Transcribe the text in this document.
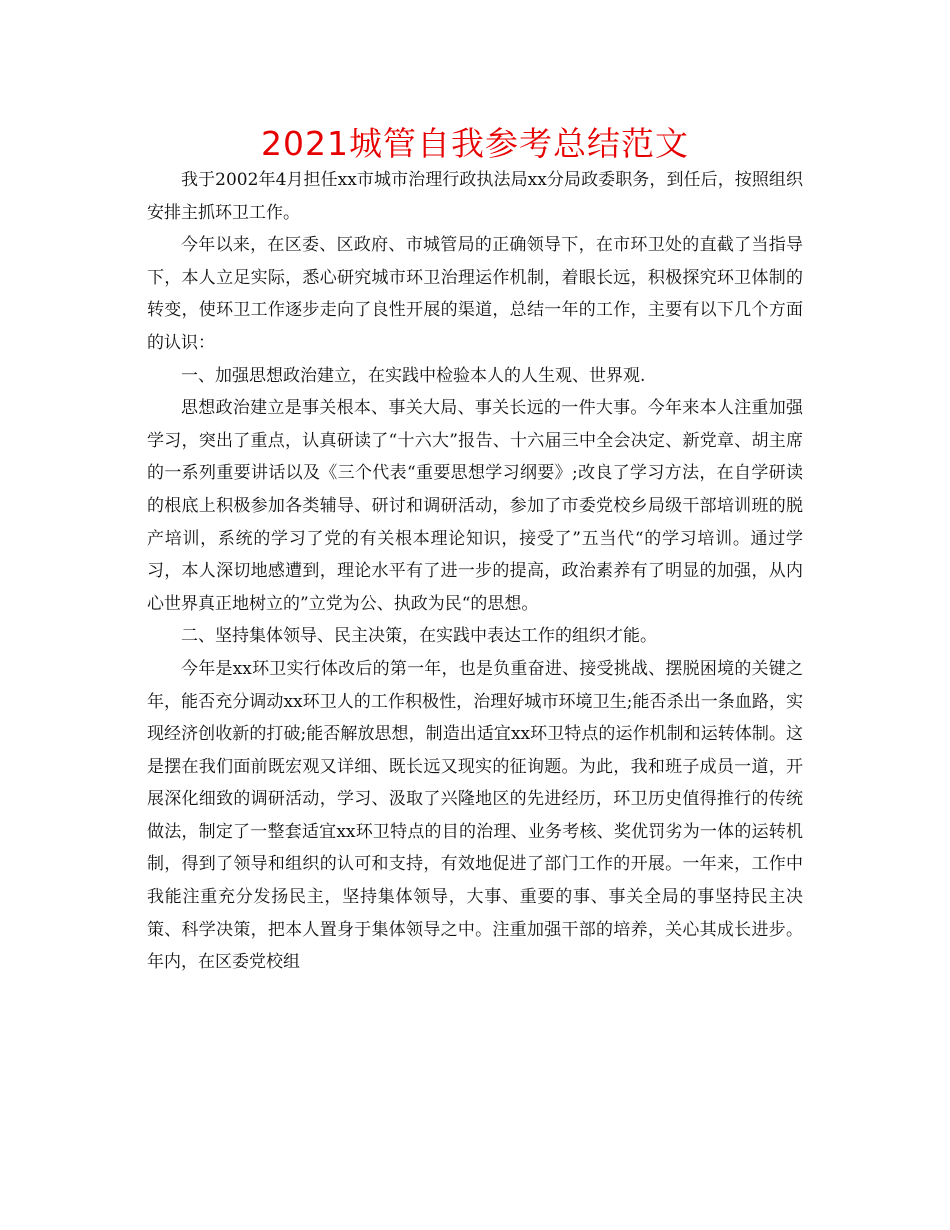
2021城管自我参考总结范文

我于2002年4月担任xx市城市治理行政执法局xx分局政委职务，到任后，按照组织安排主抓环卫工作。

今年以来，在区委、区政府、市城管局的正确领导下，在市环卫处的直截了当指导下，本人立足实际，悉心研究城市环卫治理运作机制，着眼长远，积极探究环卫体制的转变，使环卫工作逐步走向了良性开展的渠道，总结一年的工作，主要有以下几个方面的认识：

一、加强思想政治建立，在实践中检验本人的人生观、世界观.

思想政治建立是事关根本、事关大局、事关长远的一件大事。今年来本人注重加强学习，突出了重点，认真研读了“十六大”报告、十六届三中全会决定、新党章、胡主席的一系列重要讲话以及《三个代表“重要思想学习纲要》;改良了学习方法，在自学研读的根底上积极参加各类辅导、研讨和调研活动，参加了市委党校乡局级干部培训班的脱产培训，系统的学习了党的有关根本理论知识，接受了”五当代“的学习培训。通过学习，本人深切地感遭到，理论水平有了进一步的提高，政治素养有了明显的加强，从内心世界真正地树立的”立党为公、执政为民“的思想。

二、坚持集体领导、民主决策，在实践中表达工作的组织才能。

今年是xx环卫实行体改后的第一年，也是负重奋进、接受挑战、摆脱困境的关键之年，能否充分调动xx环卫人的工作积极性，治理好城市环境卫生;能否杀出一条血路，实现经济创收新的打破;能否解放思想，制造出适宜xx环卫特点的运作机制和运转体制。这是摆在我们面前既宏观又详细、既长远又现实的征询题。为此，我和班子成员一道，开展深化细致的调研活动，学习、汲取了兴隆地区的先进经历，环卫历史值得推行的传统做法，制定了一整套适宜xx环卫特点的目的治理、业务考核、奖优罚劣为一体的运转机制，得到了领导和组织的认可和支持，有效地促进了部门工作的开展。一年来，工作中我能注重充分发扬民主，坚持集体领导，大事、重要的事、事关全局的事坚持民主决策、科学决策，把本人置身于集体领导之中。注重加强干部的培养，关心其成长进步。年内，在区委党校组
